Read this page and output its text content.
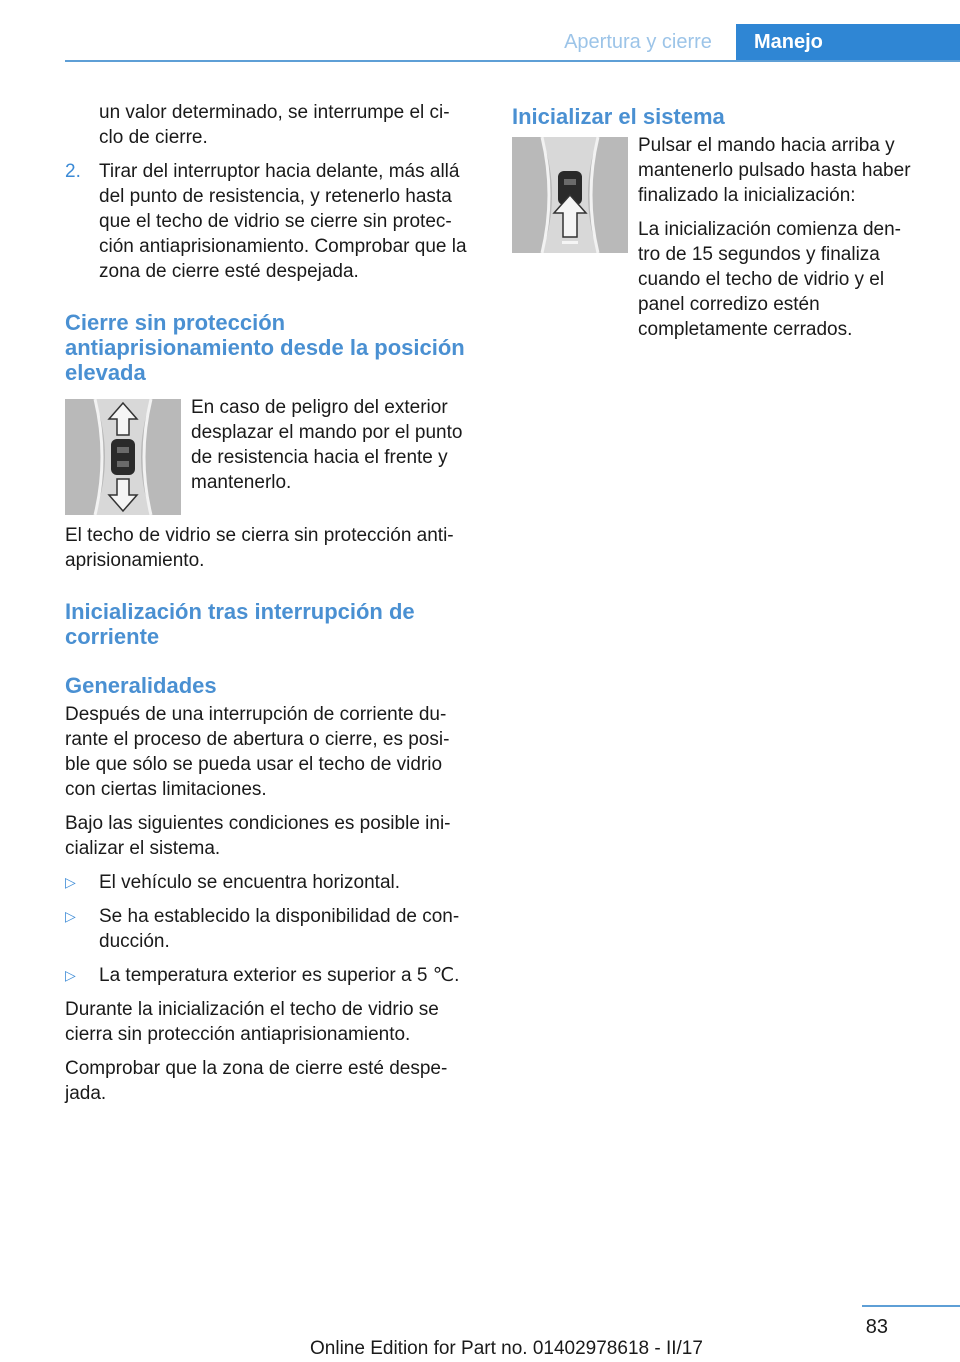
Apertura y cierre	Manejo

un valor determinado, se interrumpe el ci- clo de cierre.

2. Tirar del interruptor hacia delante, más allá del punto de resistencia, y retenerlo hasta que el techo de vidrio se cierre sin protec- ción antiaprisionamiento. Comprobar que la zona de cierre esté despejada.
Cierre sin protección antiaprisionamiento desde la posición elevada

En caso de peligro del exterior desplazar el mando por el punto de resistencia hacia el frente y mantenerlo.

El techo de vidrio se cierra sin protección anti- aprisionamiento.

Inicialización tras interrupción de corriente
Generalidades

Después de una interrupción de corriente du- rante el proceso de abertura o cierre, es posi- ble que sólo se pueda usar el techo de vidrio con ciertas limitaciones.

Bajo las siguientes condiciones es posible ini- cializar el sistema.

▷ El vehículo se encuentra horizontal.
▷ Se ha establecido la disponibilidad de con- ducción.
▷ La temperatura exterior es superior a 5 ℃.

Durante la inicialización el techo de vidrio se cierra sin protección antiaprisionamiento.

Comprobar que la zona de cierre esté despe- jada.

Inicializar el sistema

Pulsar el mando hacia arriba y mantenerlo pulsado hasta haber finalizado la inicialización:

La inicialización comienza den- tro de 15 segundos y finaliza cuando el techo de vidrio y el panel corredizo estén completamente cerrados.

83
Online Edition for Part no. 01402978618 - II/17
